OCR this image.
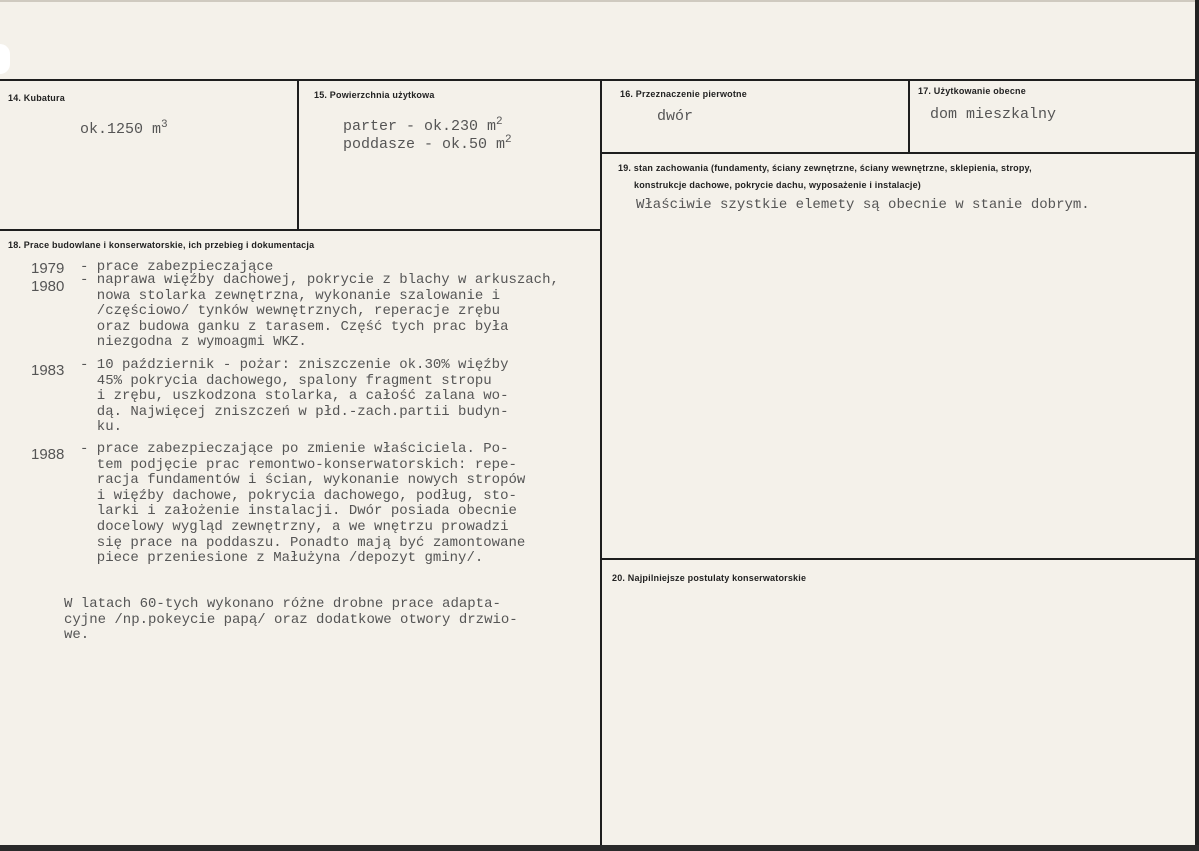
14. Kubatura
ok.1250 $m^3$
15. Powierzchnia użytkowa
parter - ok.230 $m^2$
poddasze - ok.50 $m^2$
16. Przeznaczenie pierwotne
dwór
17. Użytkowanie obecne
dom mieszkalny
18. Prace budowlane i konserwatorskie, ich przebieg i dokumentacja
1979 - prace zabezpieczające
1980 - naprawa więźby dachowej, pokrycie z blachy w arkuszach,
nowa stolarka zewnętrzna, wykonanie szalowanie i
/częściowo/ tynków wewnętrznych, reperacje zrębu
oraz budowa ganku z tarasem. Część tych prac była
niezgodna z wymoagmi WKZ.
1983 - 10 październik - pożar: zniszczenie ok.30% więźby
45% pokrycia dachowego, spalony fragment stropu
i zrębu, uszkodzona stolarka, a całość zalana wo-
dą. Najwięcej zniszczeń w płd.-zach.partii budyn-
ku.
1988 - prace zabezpieczające po zmienie właściciela. Po-
tem podjęcie prac remontwo-konserwatorskich: repe-
racja fundamentów i ścian, wykonanie nowych stropów
i więźby dachowe, pokrycia dachowego, podług, sto-
larki i założenie instalacji. Dwór posiada obecnie
docelowy wygląd zewnętrzny, a we wnętrzu prowadzi
się prace na poddaszu. Ponadto mają być zamontowane
piece przeniesione z Małużyna /depozyt gminy/.
W latach 60-tych wykonano różne drobne prace adapta-
cyjne /np.pokeycie papą/ oraz dodatkowe otwory drzwio-
we.
19. stan zachowania (fundamenty, ściany zewnętrzne, ściany wewnętrzne, sklepienia, stropy,
konstrukcje dachowe, pokrycie dachu, wyposażenie i instalacje)
Właściwie szystkie elemety są obecnie w stanie dobrym.
20. Najpilniejsze postulaty konserwatorskie
